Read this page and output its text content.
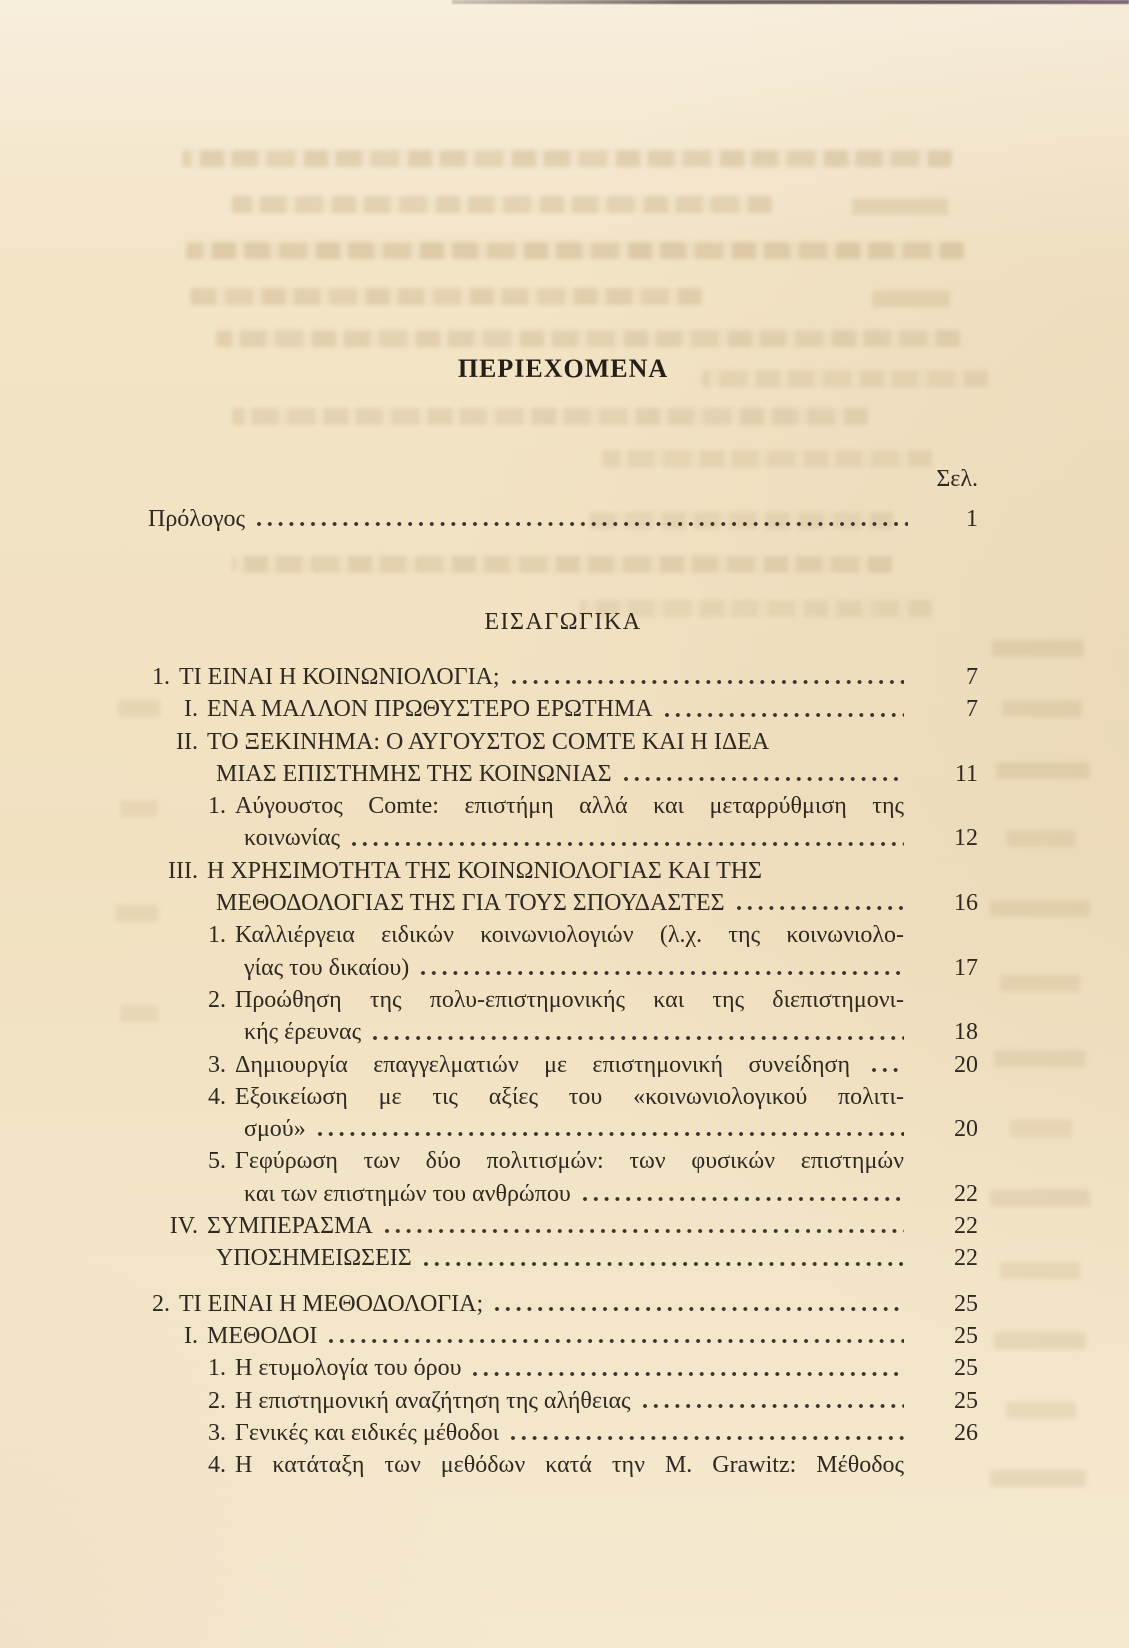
ΠΕΡΙΕΧΟΜΕΝΑ
Σελ.
Πρόλογος	1
ΕΙΣΑΓΩΓΙΚΑ
1. ΤΙ ΕΙΝΑΙ Η ΚΟΙΝΩΝΙΟΛΟΓΙΑ;	7
I. ΕΝΑ ΜΑΛΛΟΝ ΠΡΩΘΥΣΤΕΡΟ ΕΡΩΤΗΜΑ	7
II. ΤΟ ΞΕΚΙΝΗΜΑ: Ο ΑΥΓΟΥΣΤΟΣ COMTE ΚΑΙ Η ΙΔΕΑ
ΜΙΑΣ ΕΠΙΣΤΗΜΗΣ ΤΗΣ ΚΟΙΝΩΝΙΑΣ	11
1. Αύγουστος Comte: επιστήμη αλλά και μεταρρύθμιση της
κοινωνίας	12
III. Η ΧΡΗΣΙΜΟΤΗΤΑ ΤΗΣ ΚΟΙΝΩΝΙΟΛΟΓΙΑΣ ΚΑΙ ΤΗΣ
ΜΕΘΟΔΟΛΟΓΙΑΣ ΤΗΣ ΓΙΑ ΤΟΥΣ ΣΠΟΥΔΑΣΤΕΣ	16
1. Καλλιέργεια ειδικών κοινωνιολογιών (λ.χ. της κοινωνιολο-
γίας του δικαίου)	17
2. Προώθηση της πολυ-επιστημονικής και της διεπιστημονι-
κής έρευνας	18
3. Δημιουργία επαγγελματιών με επιστημονική συνείδηση	20
4. Εξοικείωση με τις αξίες του «κοινωνιολογικού πολιτι-
σμού»	20
5. Γεφύρωση των δύο πολιτισμών: των φυσικών επιστημών
και των επιστημών του ανθρώπου	22
IV. ΣΥΜΠΕΡΑΣΜΑ	22
ΥΠΟΣΗΜΕΙΩΣΕΙΣ	22
2. ΤΙ ΕΙΝΑΙ Η ΜΕΘΟΔΟΛΟΓΙΑ;	25
I. ΜΕΘΟΔΟΙ	25
1. Η ετυμολογία του όρου	25
2. Η επιστημονική αναζήτηση της αλήθειας	25
3. Γενικές και ειδικές μέθοδοι	26
4. Η κατάταξη των μεθόδων κατά την M. Grawitz: Μέθοδος
